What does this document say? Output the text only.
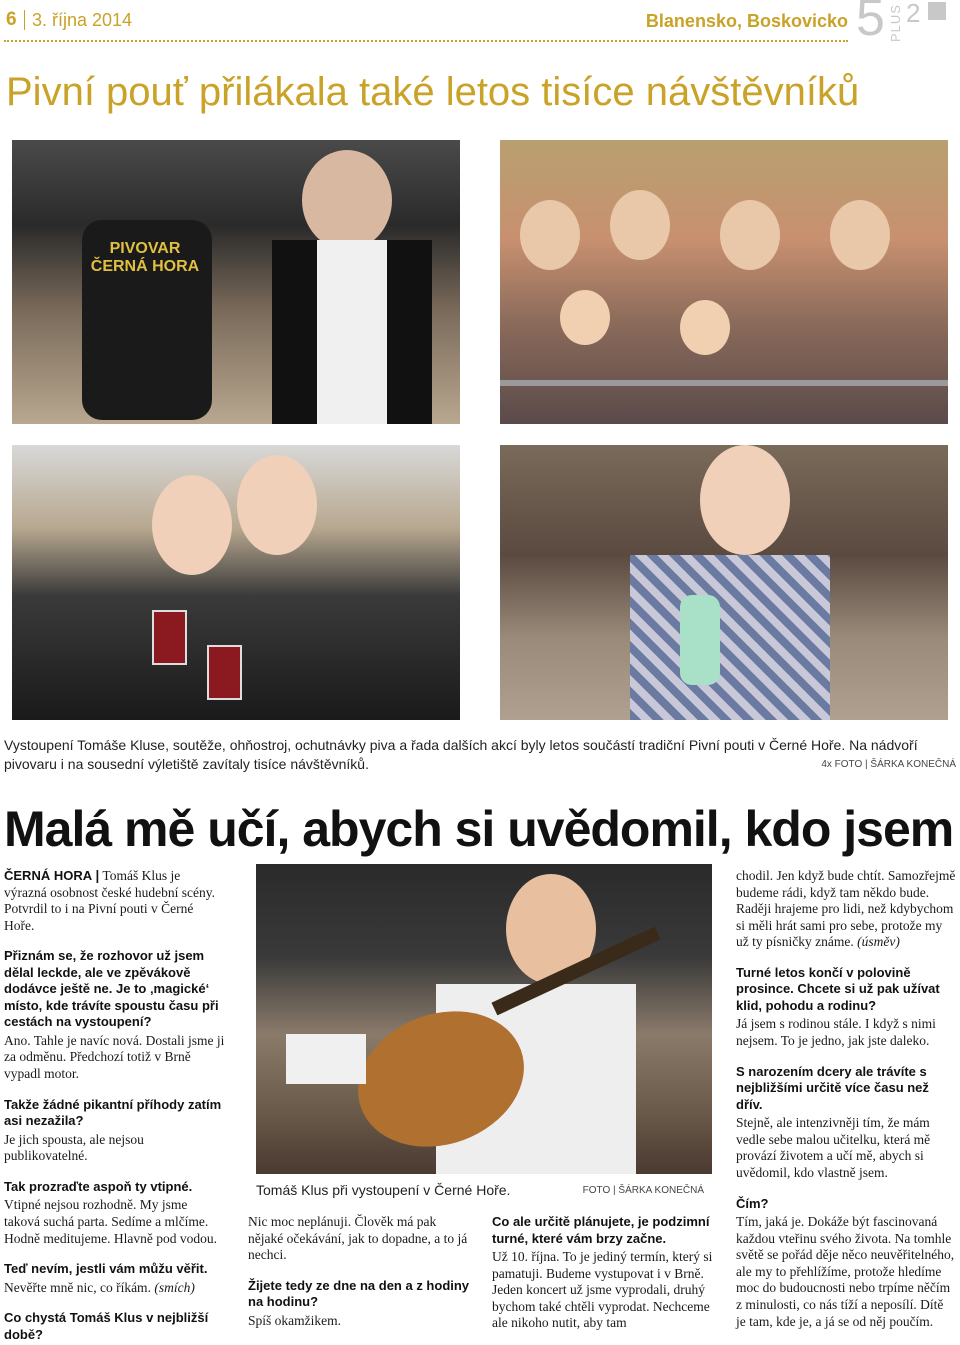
6 3. října 2014	Blanensko, Boskovicko 5 PLUS 2
Pivní pouť přilákala také letos tisíce návštěvníků
PIVOVAR ČERNÁ HORA
Vystoupení Tomáše Kluse, soutěže, ohňostroj, ochutnávky piva a řada dalších akcí byly letos součástí tradiční Pivní pouti v Černé Hoře. Na nádvoří pivovaru i na sousední výletiště zavítaly tisíce návštěvníků.	4x FOTO | ŠÁRKA KONEČNÁ
Malá mě učí, abych si uvědomil, kdo jsem

ČERNÁ HORA | Tomáš Klus je výrazná osobnost české hudební scény. Potvrdil to i na Pivní pouti v Černé Hoře.

Přiznám se, že rozhovor už jsem dělal leckde, ale ve zpěvákově dodávce ještě ne. Je to ‚magické‘ místo, kde trávíte spoustu času při cestách na vystoupení?

Ano. Tahle je navíc nová. Dostali jsme ji za odměnu. Předchozí totiž v Brně vypadl motor.

Takže žádné pikantní příhody zatím asi nezažila?

Je jich spousta, ale nejsou publikovatelné.

Tak prozraďte aspoň ty vtipné.

Vtipné nejsou rozhodně. My jsme taková suchá parta. Sedíme a mlčíme. Hodně meditujeme. Hlavně pod vodou.

Teď nevím, jestli vám můžu věřit.

Nevěřte mně nic, co říkám. (smích)

Co chystá Tomáš Klus v nejbližší době?
Tomáš Klus při vystoupení v Černé Hoře.	FOTO | ŠÁRKA KONEČNÁ

Nic moc neplánuji. Člověk má pak nějaké očekávání, jak to dopadne, a to já nechci.

Žijete tedy ze dne na den a z hodiny na hodinu?

Spíš okamžikem.

Co ale určitě plánujete, je podzimní turné, které vám brzy začne.

Už 10. října. To je jediný termín, který si pamatuji. Budeme vystupovat i v Brně. Jeden koncert už jsme vyprodali, druhý bychom také chtěli vyprodat. Nechceme ale nikoho nutit, aby tam

chodil. Jen když bude chtít. Samozřejmě budeme rádi, když tam někdo bude. Raději hrajeme pro lidi, než kdybychom si měli hrát sami pro sebe, protože my už ty písničky známe. (úsměv)

Turné letos končí v polovině prosince. Chcete si už pak užívat klid, pohodu a rodinu?

Já jsem s rodinou stále. I když s nimi nejsem. To je jedno, jak jste daleko.

S narozením dcery ale trávíte s nejbližšími určitě více času než dřív.

Stejně, ale intenzivněji tím, že mám vedle sebe malou učitelku, která mě provází životem a učí mě, abych si uvědomil, kdo vlastně jsem.

Čím?

Tím, jaká je. Dokáže být fascinovaná každou vteřinu svého života. Na tomhle světě se pořád děje něco neuvěřitelného, ale my to přehlížíme, protože hledíme moc do budoucnosti nebo trpíme něčím z minulosti, co nás tíží a neposílí. Dítě je tam, kde je, a já se od něj poučím.
